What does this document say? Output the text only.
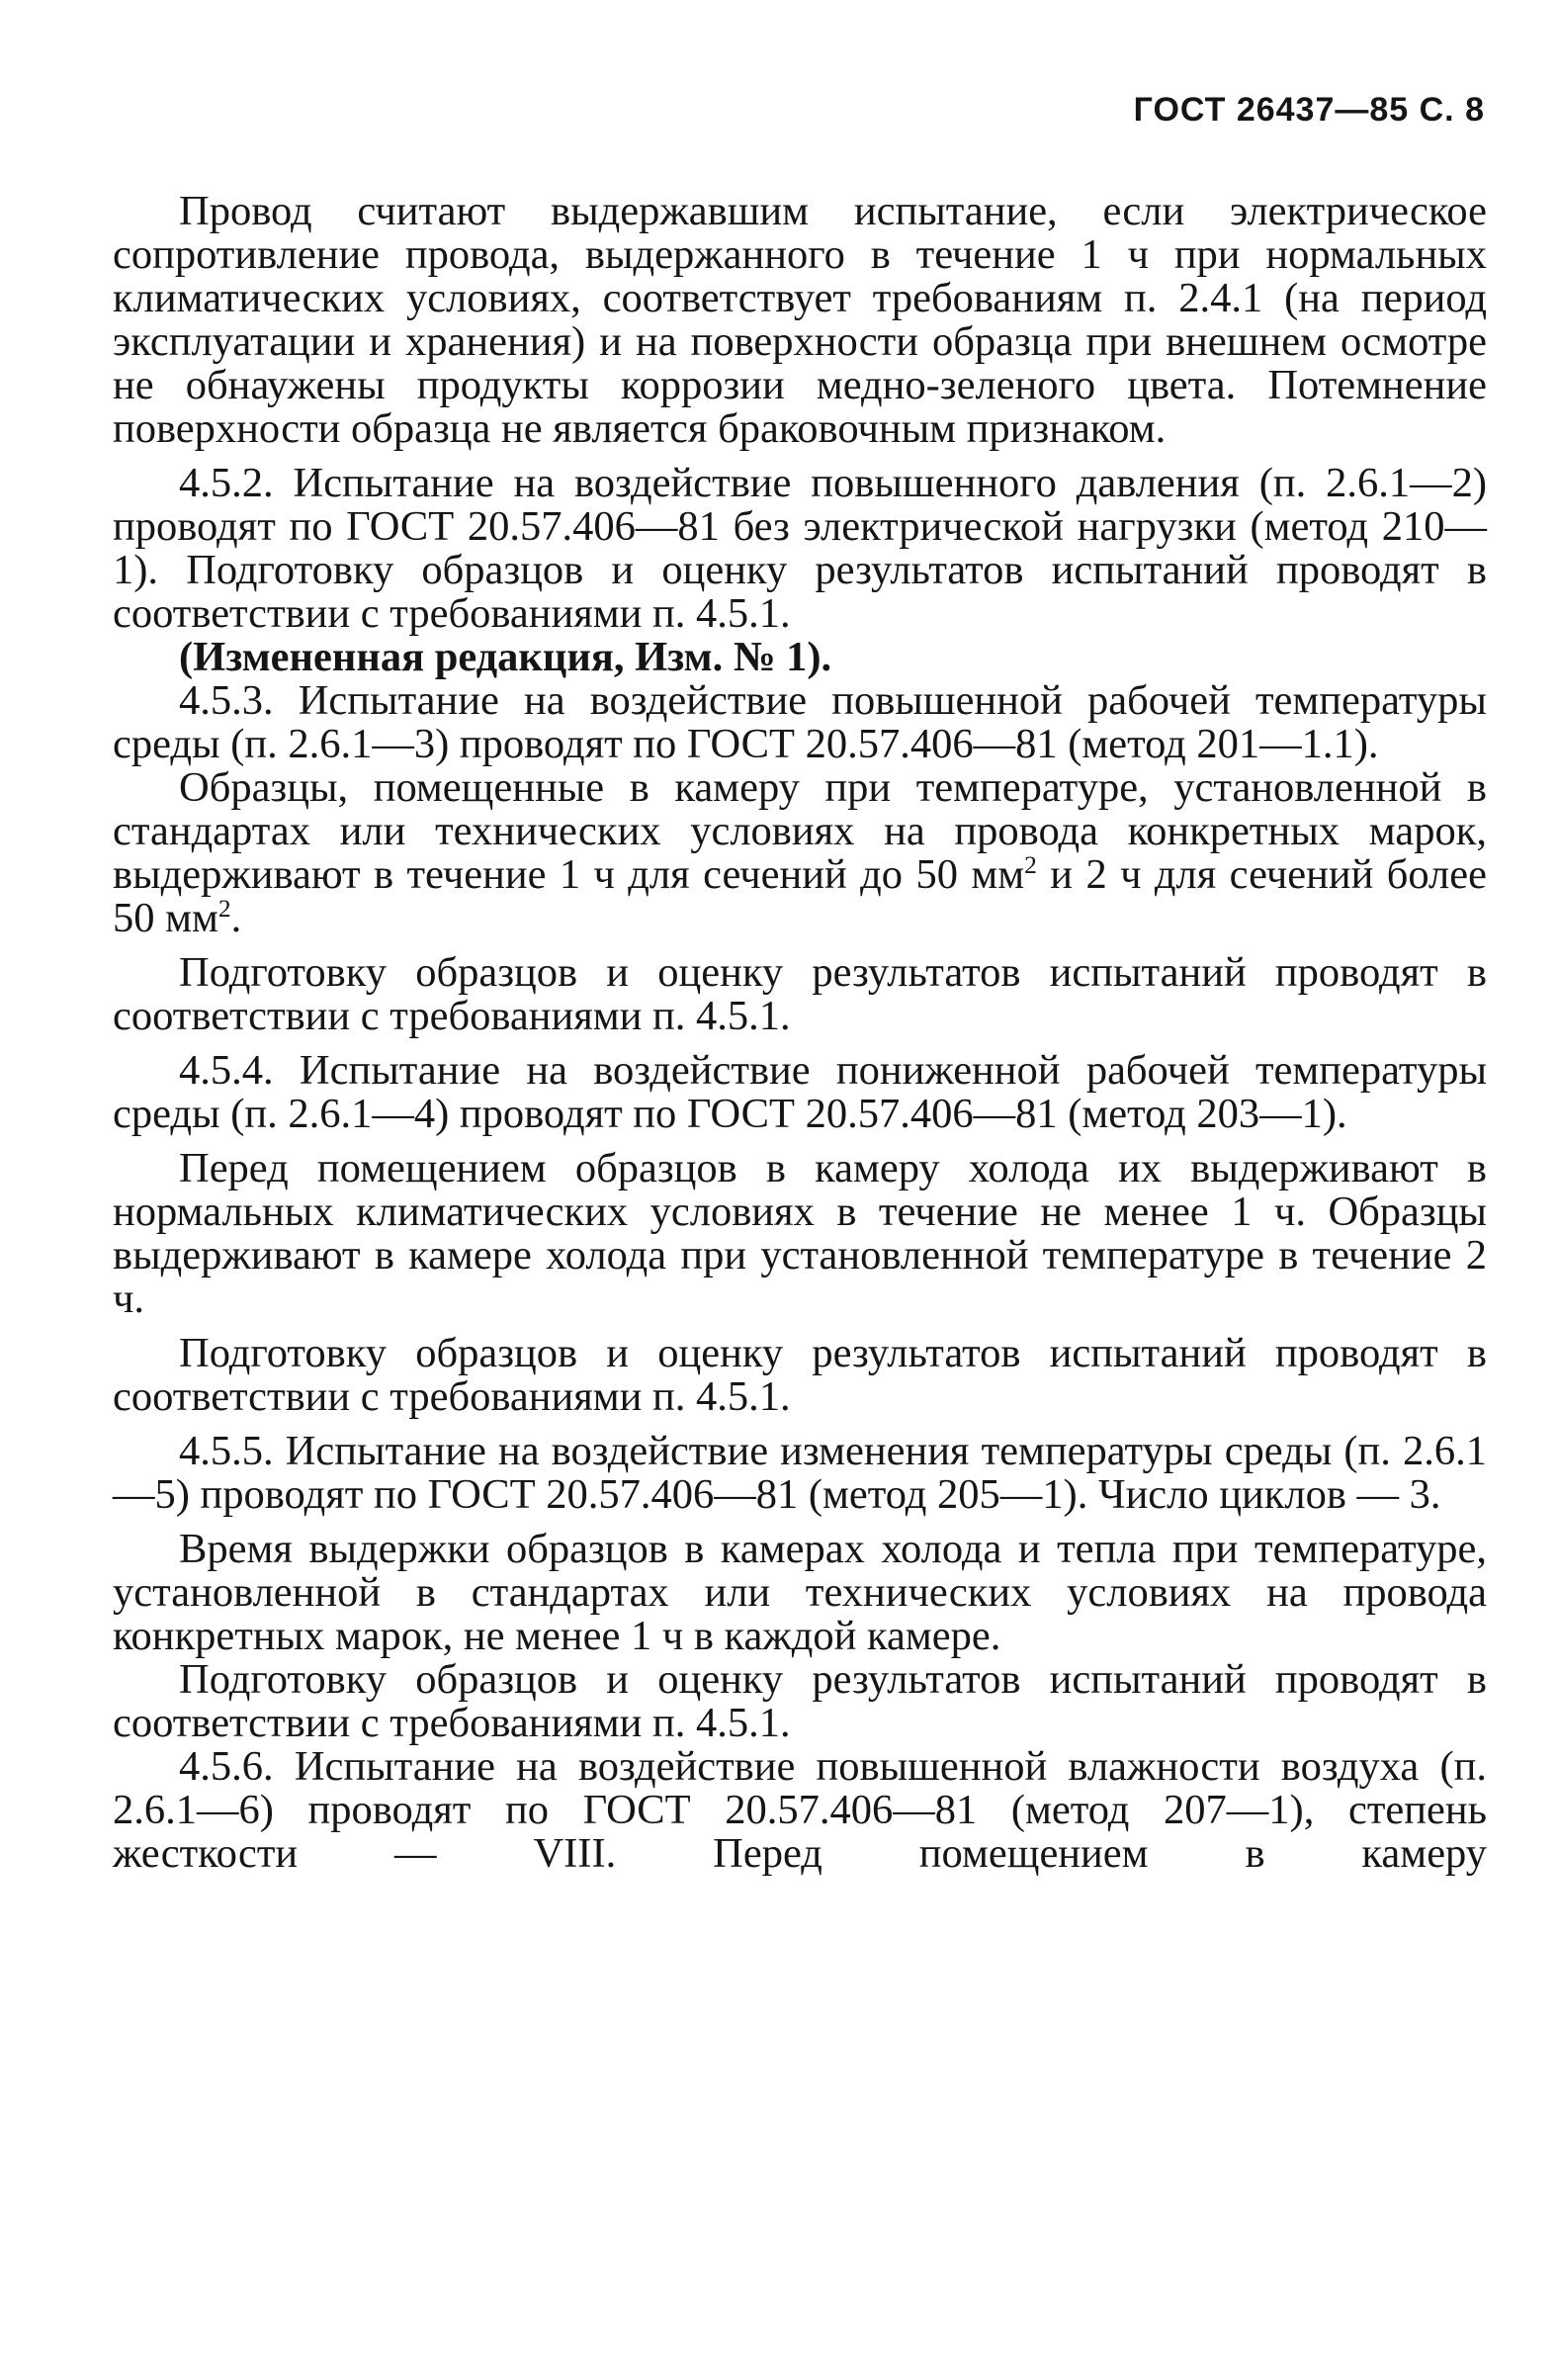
ГОСТ 26437—85 С. 8

Провод считают выдержавшим испытание, если электрическое сопротивление провода, выдержанного в течение 1 ч при нормальных климатических условиях, соответствует требованиям п. 2.4.1 (на период эксплуатации и хранения) и на поверхности образца при внешнем осмотре не обнаужены продукты коррозии медно-зеленого цвета. Потемнение поверхности образца не является браковочным признаком.

4.5.2. Испытание на воздействие повышенного давления (п. 2.6.1—2) проводят по ГОСТ 20.57.406—81 без электрической нагрузки (метод 210—1). Подготовку образцов и оценку результатов испытаний проводят в соответствии с требованиями п. 4.5.1.

(Измененная редакция, Изм. № 1).

4.5.3. Испытание на воздействие повышенной рабочей температуры среды (п. 2.6.1—3) проводят по ГОСТ 20.57.406—81 (метод 201—1.1).

Образцы, помещенные в камеру при температуре, установленной в стандартах или технических условиях на провода конкретных марок, выдерживают в течение 1 ч для сечений до 50 $мм^2$ и 2 ч для сечений более 50 $мм^2$.

Подготовку образцов и оценку результатов испытаний проводят в соответствии с требованиями п. 4.5.1.

4.5.4. Испытание на воздействие пониженной рабочей температуры среды (п. 2.6.1—4) проводят по ГОСТ 20.57.406—81 (метод 203—1).

Перед помещением образцов в камеру холода их выдерживают в нормальных климатических условиях в течение не менее 1 ч. Образцы выдерживают в камере холода при установленной температуре в течение 2 ч.

Подготовку образцов и оценку результатов испытаний проводят в соответствии с требованиями п. 4.5.1.

4.5.5. Испытание на воздействие изменения температуры среды (п. 2.6.1—5) проводят по ГОСТ 20.57.406—81 (метод 205—1). Число циклов — 3.

Время выдержки образцов в камерах холода и тепла при температуре, установленной в стандартах или технических условиях на провода конкретных марок, не менее 1 ч в каждой камере.

Подготовку образцов и оценку результатов испытаний проводят в соответствии с требованиями п. 4.5.1.

4.5.6. Испытание на воздействие повышенной влажности воздуха (п. 2.6.1—6) проводят по ГОСТ 20.57.406—81 (метод 207—1), степень жесткости — VIII. Перед помещением в камеру
